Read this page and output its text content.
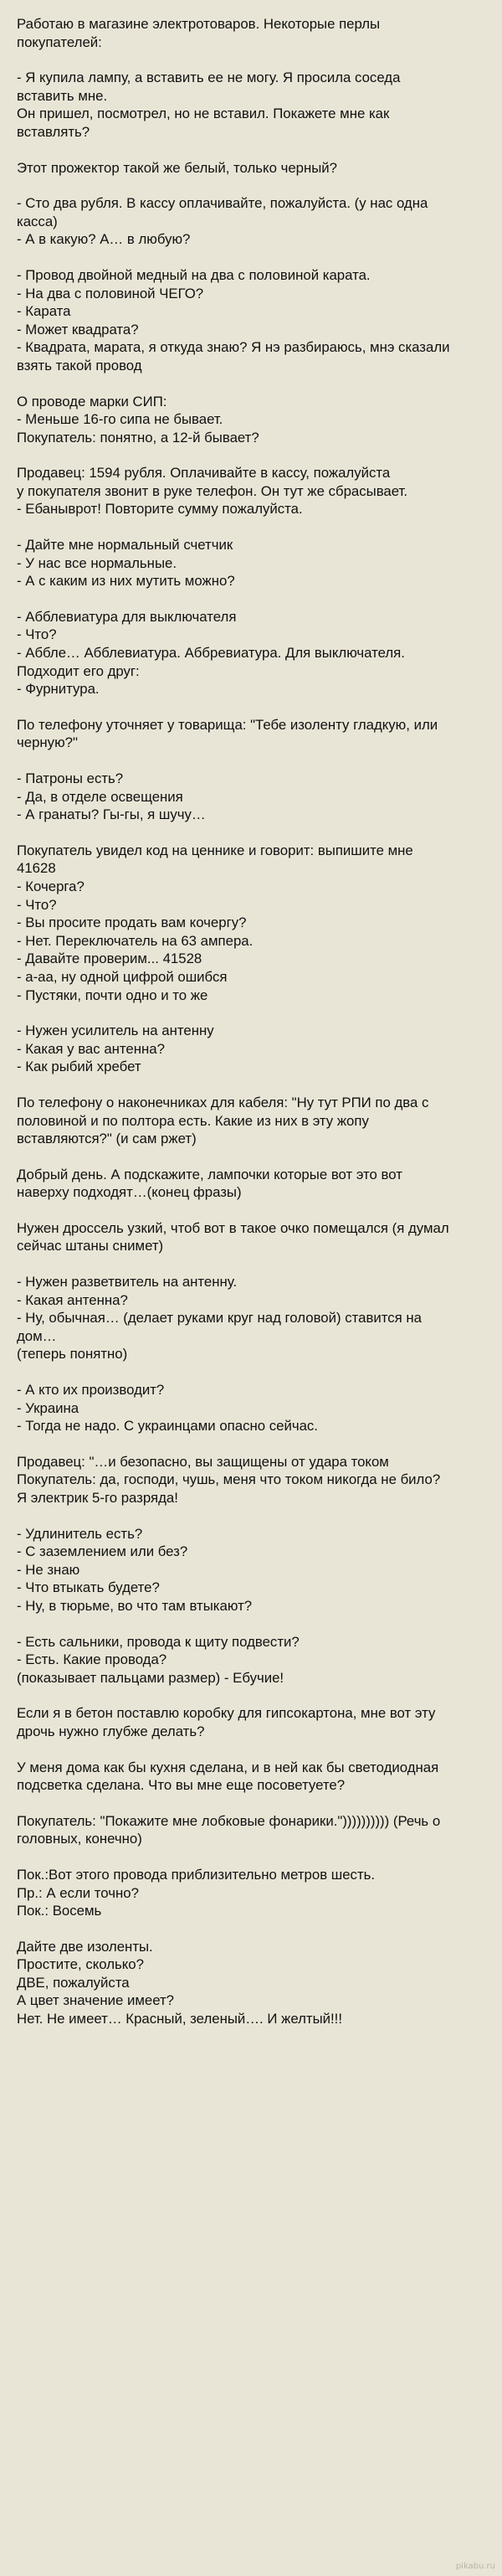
Работаю в магазине электротоваров. Некоторые перлы
покупателей:
- Я купила лампу, а вставить ее не могу. Я просила соседа
вставить мне.
Он пришел, посмотрел, но не вставил. Покажете мне как
вставлять?
Этот прожектор такой же белый, только черный?
- Сто два рубля. В кассу оплачивайте, пожалуйста. (у нас одна
касса)
- А в какую? А… в любую?
- Провод двойной медный на два с половиной карата.
- На два с половиной ЧЕГО?
- Карата
- Может квадрата?
- Квадрата, марата, я откуда знаю? Я нэ разбираюсь, мнэ сказали
взять такой провод
О проводе марки СИП:
- Меньше 16-го сипа не бывает.
Покупатель: понятно, а 12-й бывает?
Продавец: 1594 рубля. Оплачивайте в кассу, пожалуйста
у покупателя звонит в руке телефон. Он тут же сбрасывает.
- Ебаныврот! Повторите сумму пожалуйста.
- Дайте мне нормальный счетчик
- У нас все нормальные.
- А с каким из них мутить можно?
- Абблевиатура для выключателя
- Что?
- Аббле… Абблевиатура. Аббревиатура. Для выключателя.
Подходит его друг:
- Фурнитура.
По телефону уточняет у товарища: "Тебе изоленту гладкую, или
черную?"
- Патроны есть?
- Да, в отделе освещения
- А гранаты? Гы-гы, я шучу…
Покупатель увидел код на ценнике и говорит: выпишите мне
41628
- Кочерга?
- Что?
- Вы просите продать вам кочергу?
- Нет. Переключатель на 63 ампера.
- Давайте проверим... 41528
- а-аа, ну одной цифрой ошибся
- Пустяки, почти одно и то же
- Нужен усилитель на антенну
- Какая у вас антенна?
- Как рыбий хребет
По телефону о наконечниках для кабеля: "Ну тут РПИ по два с
половиной и по полтора есть. Какие из них в эту жопу
вставляются?" (и сам ржет)
Добрый день. А подскажите, лампочки которые вот это вот
наверху подходят…(конец фразы)
Нужен дроссель узкий, чтоб вот в такое очко помещался (я думал
сейчас штаны снимет)
- Нужен разветвитель на антенну.
- Какая антенна?
- Ну, обычная… (делает руками круг над головой) ставится на
дом…
(теперь понятно)
- А кто их производит?
- Украина
- Тогда не надо. С украинцами опасно сейчас.
Продавец: "…и безопасно, вы защищены от удара током
Покупатель: да, господи, чушь, меня что током никогда не било?
Я электрик 5-го разряда!
- Удлинитель есть?
- С заземлением или без?
- Не знаю
- Что втыкать будете?
- Ну, в тюрьме, во что там втыкают?
- Есть сальники, провода к щиту подвести?
- Есть. Какие провода?
(показывает пальцами размер) - Ебучие!
Если я в бетон поставлю коробку для гипсокартона, мне вот эту
дрочь нужно глубже делать?
У меня дома как бы кухня сделана, и в ней как бы светодиодная
подсветка сделана. Что вы мне еще посоветуете?
Покупатель: "Покажите мне лобковые фонарики.")))))))))) (Речь о
головных, конечно)
Пок.:Вот этого провода приблизительно метров шесть.
Пр.: А если точно?
Пок.: Восемь
Дайте две изоленты.
Простите, сколько?
ДВЕ, пожалуйста
А цвет значение имеет?
Нет. Не имеет… Красный, зеленый…. И желтый!!!
pikabu.ru
